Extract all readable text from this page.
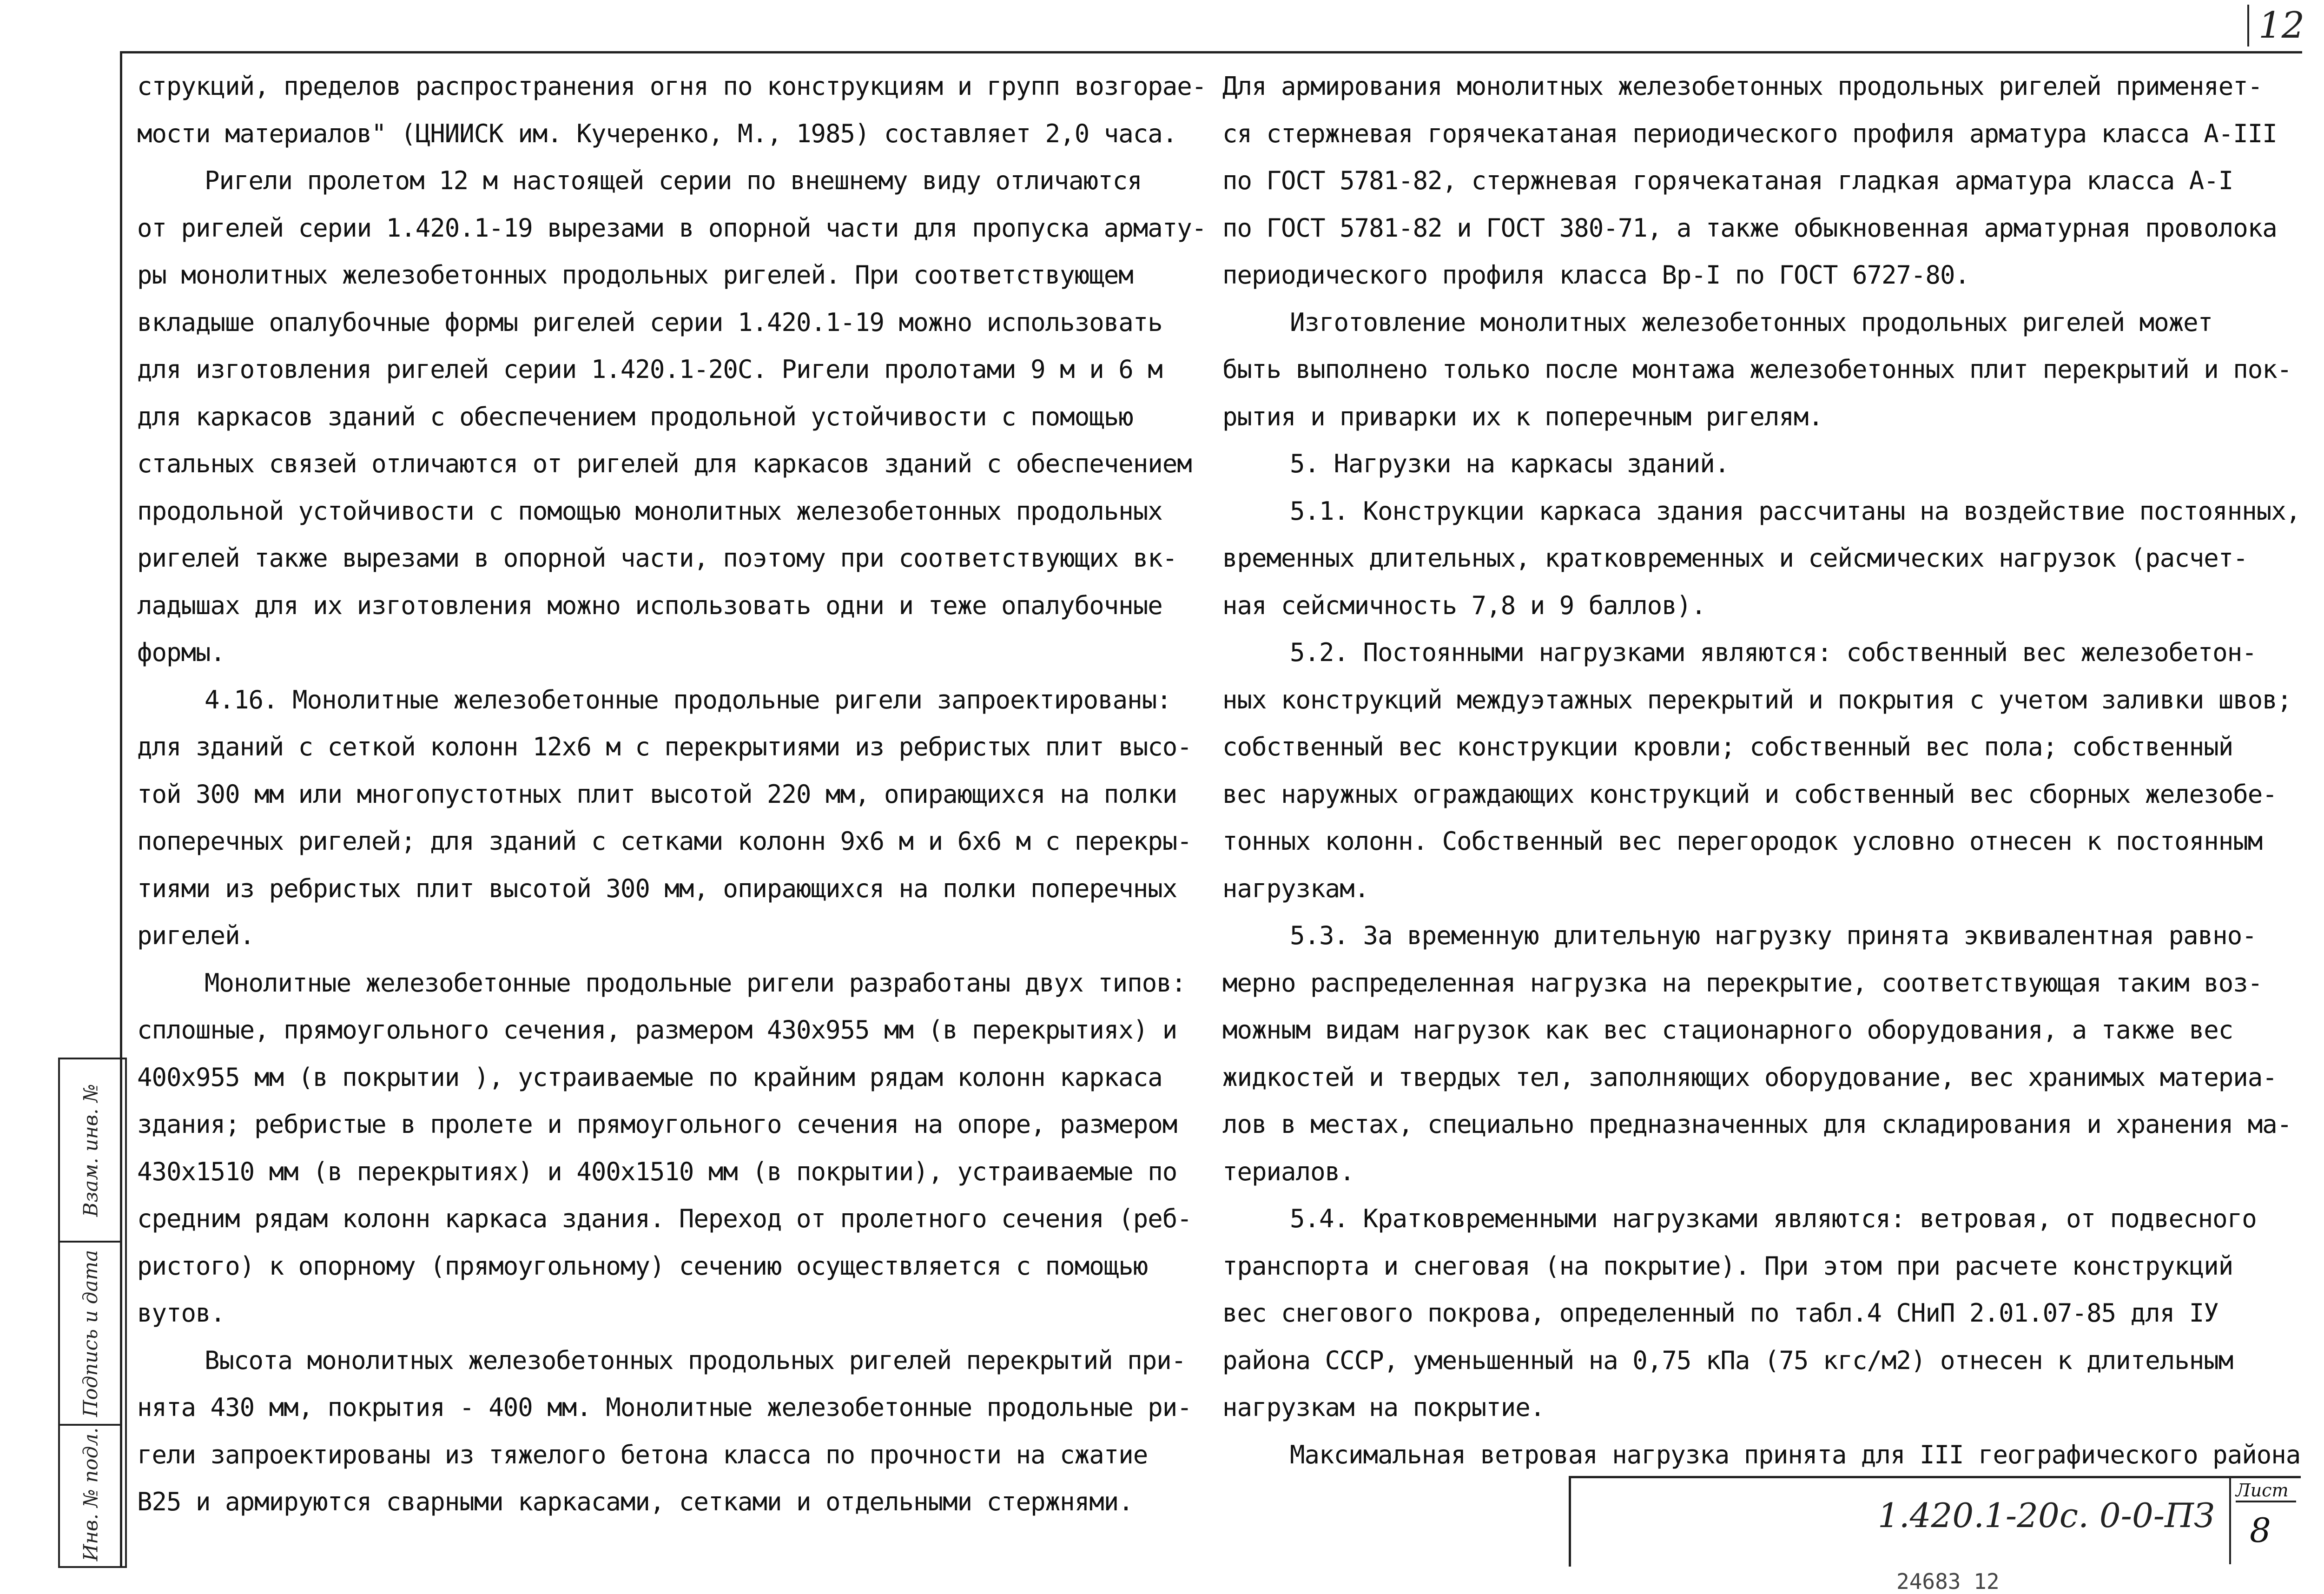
12
струкций, пределов распространения огня по конструкциям и групп возгорае-
мости материалов" (ЦНИИСК им. Кучеренко, М., 1985) составляет 2,0 часа.
Ригели пролетом 12 м настоящей серии по внешнему виду отличаются
от ригелей серии 1.420.1-19 вырезами в опорной части для пропуска армату-
ры монолитных железобетонных продольных ригелей. При соответствующем
вкладыше опалубочные формы ригелей серии 1.420.1-19 можно использовать
для изготовления ригелей серии 1.420.1-20С. Ригели пролотами 9 м и 6 м
для каркасов зданий с обеспечением продольной устойчивости с помощью
стальных связей отличаются от ригелей для каркасов зданий с обеспечением
продольной устойчивости с помощью монолитных железобетонных продольных
ригелей также вырезами в опорной части, поэтому при соответствующих вк-
ладышах для их изготовления можно использовать одни и теже опалубочные
формы.
4.16. Монолитные железобетонные продольные ригели запроектированы:
для зданий с сеткой колонн 12х6 м с перекрытиями из ребристых плит высо-
той 300 мм или многопустотных плит высотой 220 мм, опирающихся на полки
поперечных ригелей; для зданий с сетками колонн 9х6 м и 6х6 м с перекры-
тиями из ребристых плит высотой 300 мм, опирающихся на полки поперечных
ригелей.
Монолитные железобетонные продольные ригели разработаны двух типов:
сплошные, прямоугольного сечения, размером 430х955 мм (в перекрытиях) и
400х955 мм (в покрытии ), устраиваемые по крайним рядам колонн каркаса
здания; ребристые в пролете и прямоугольного сечения на опоре, размером
430х1510 мм (в перекрытиях) и 400х1510 мм (в покрытии), устраиваемые по
средним рядам колонн каркаса здания. Переход от пролетного сечения (реб-
ристого) к опорному (прямоугольному) сечению осуществляется с помощью
вутов.
Высота монолитных железобетонных продольных ригелей перекрытий при-
нята 430 мм, покрытия - 400 мм. Монолитные железобетонные продольные ри-
гели запроектированы из тяжелого бетона класса по прочности на сжатие
В25 и армируются сварными каркасами, сетками и отдельными стержнями.
Для армирования монолитных железобетонных продольных ригелей применяет-
ся стержневая горячекатаная периодического профиля арматура класса А-III
по ГОСТ 5781-82, стержневая горячекатаная гладкая арматура класса А-I
по ГОСТ 5781-82 и ГОСТ 380-71, а также обыкновенная арматурная проволока
периодического профиля класса Вр-I по ГОСТ 6727-80.
Изготовление монолитных железобетонных продольных ригелей может
быть выполнено только после монтажа железобетонных плит перекрытий и пок-
рытия и приварки их к поперечным ригелям.
5. Нагрузки на каркасы зданий.
5.1. Конструкции каркаса здания рассчитаны на воздействие постоянных,
временных длительных, кратковременных и сейсмических нагрузок (расчет-
ная сейсмичность 7,8 и 9 баллов).
5.2. Постоянными нагрузками являются: собственный вес железобетон-
ных конструкций междуэтажных перекрытий и покрытия с учетом заливки швов;
собственный вес конструкции кровли; собственный вес пола; собственный
вес наружных ограждающих конструкций и собственный вес сборных железобе-
тонных колонн. Собственный вес перегородок условно отнесен к постоянным
нагрузкам.
5.3. За временную длительную нагрузку принята эквивалентная равно-
мерно распределенная нагрузка на перекрытие, соответствующая таким воз-
можным видам нагрузок как вес стационарного оборудования, а также вес
жидкостей и твердых тел, заполняющих оборудование, вес хранимых материа-
лов в местах, специально предназначенных для складирования и хранения ма-
териалов.
5.4. Кратковременными нагрузками являются: ветровая, от подвесного
транспорта и снеговая (на покрытие). При этом при расчете конструкций
вес снегового покрова, определенный по табл.4 СНиП 2.01.07-85 для IУ
района СССР, уменьшенный на 0,75 кПа (75 кгс/м2) отнесен к длительным
нагрузкам на покрытие.
Максимальная ветровая нагрузка принята для III географического района
Взам. инв. №
Подпись и дата
Инв. № подл.	1.420.1-20с. 0-0-ПЗ
Лист
8
24683 12
